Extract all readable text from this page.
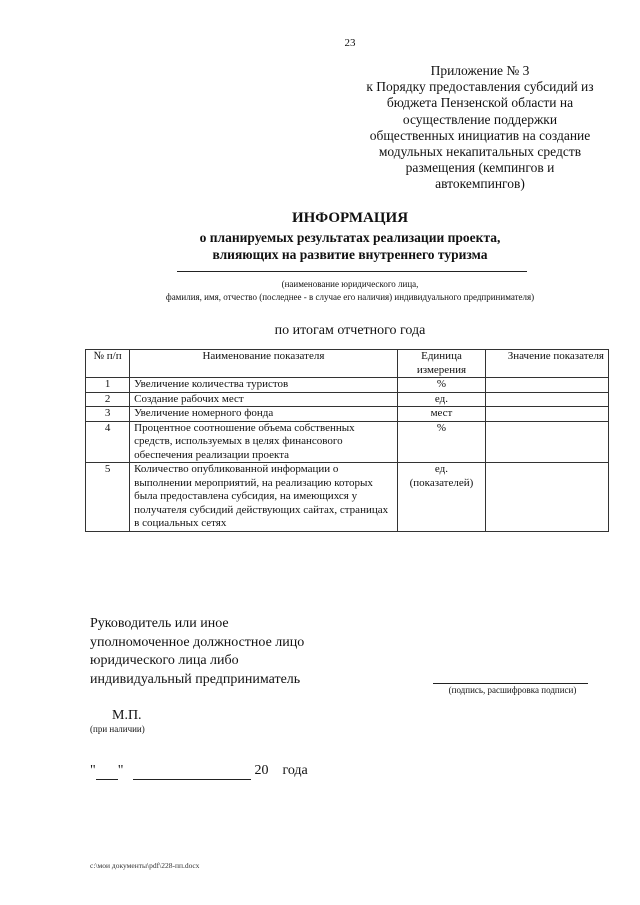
23
Приложение № 3
к Порядку предоставления субсидий из
бюджета Пензенской области на
осуществление поддержки
общественных инициатив на создание
модульных некапитальных средств
размещения (кемпингов и
автокемпингов)
ИНФОРМАЦИЯ
о планируемых результатах реализации проекта,
влияющих на развитие внутреннего туризма
(наименование юридического лица,
фамилия, имя, отчество (последнее - в случае его наличия) индивидуального предпринимателя)
по итогам отчетного года
№ п/п	Наименование показателя	Единица измерения	Значение показателя
1	Увеличение количества туристов	%	
2	Создание рабочих мест	ед.	
3	Увеличение номерного фонда	мест	
4	Процентное соотношение объема собственных средств, используемых в целях финансового обеспечения реализации проекта	%	
5	Количество опубликованной информации о выполнении мероприятий, на реализацию которых была предоставлена субсидия, на имеющихся у получателя субсидий действующих сайтах, страницах в социальных сетях	ед. (показателей)	
Руководитель или иное
уполномоченное должностное лицо
юридического лица либо
индивидуальный предприниматель
(подпись, расшифровка подписи)
М.П.
(при наличии)
" "	20 года
c:\мои документы\pdf\228-пп.docx
